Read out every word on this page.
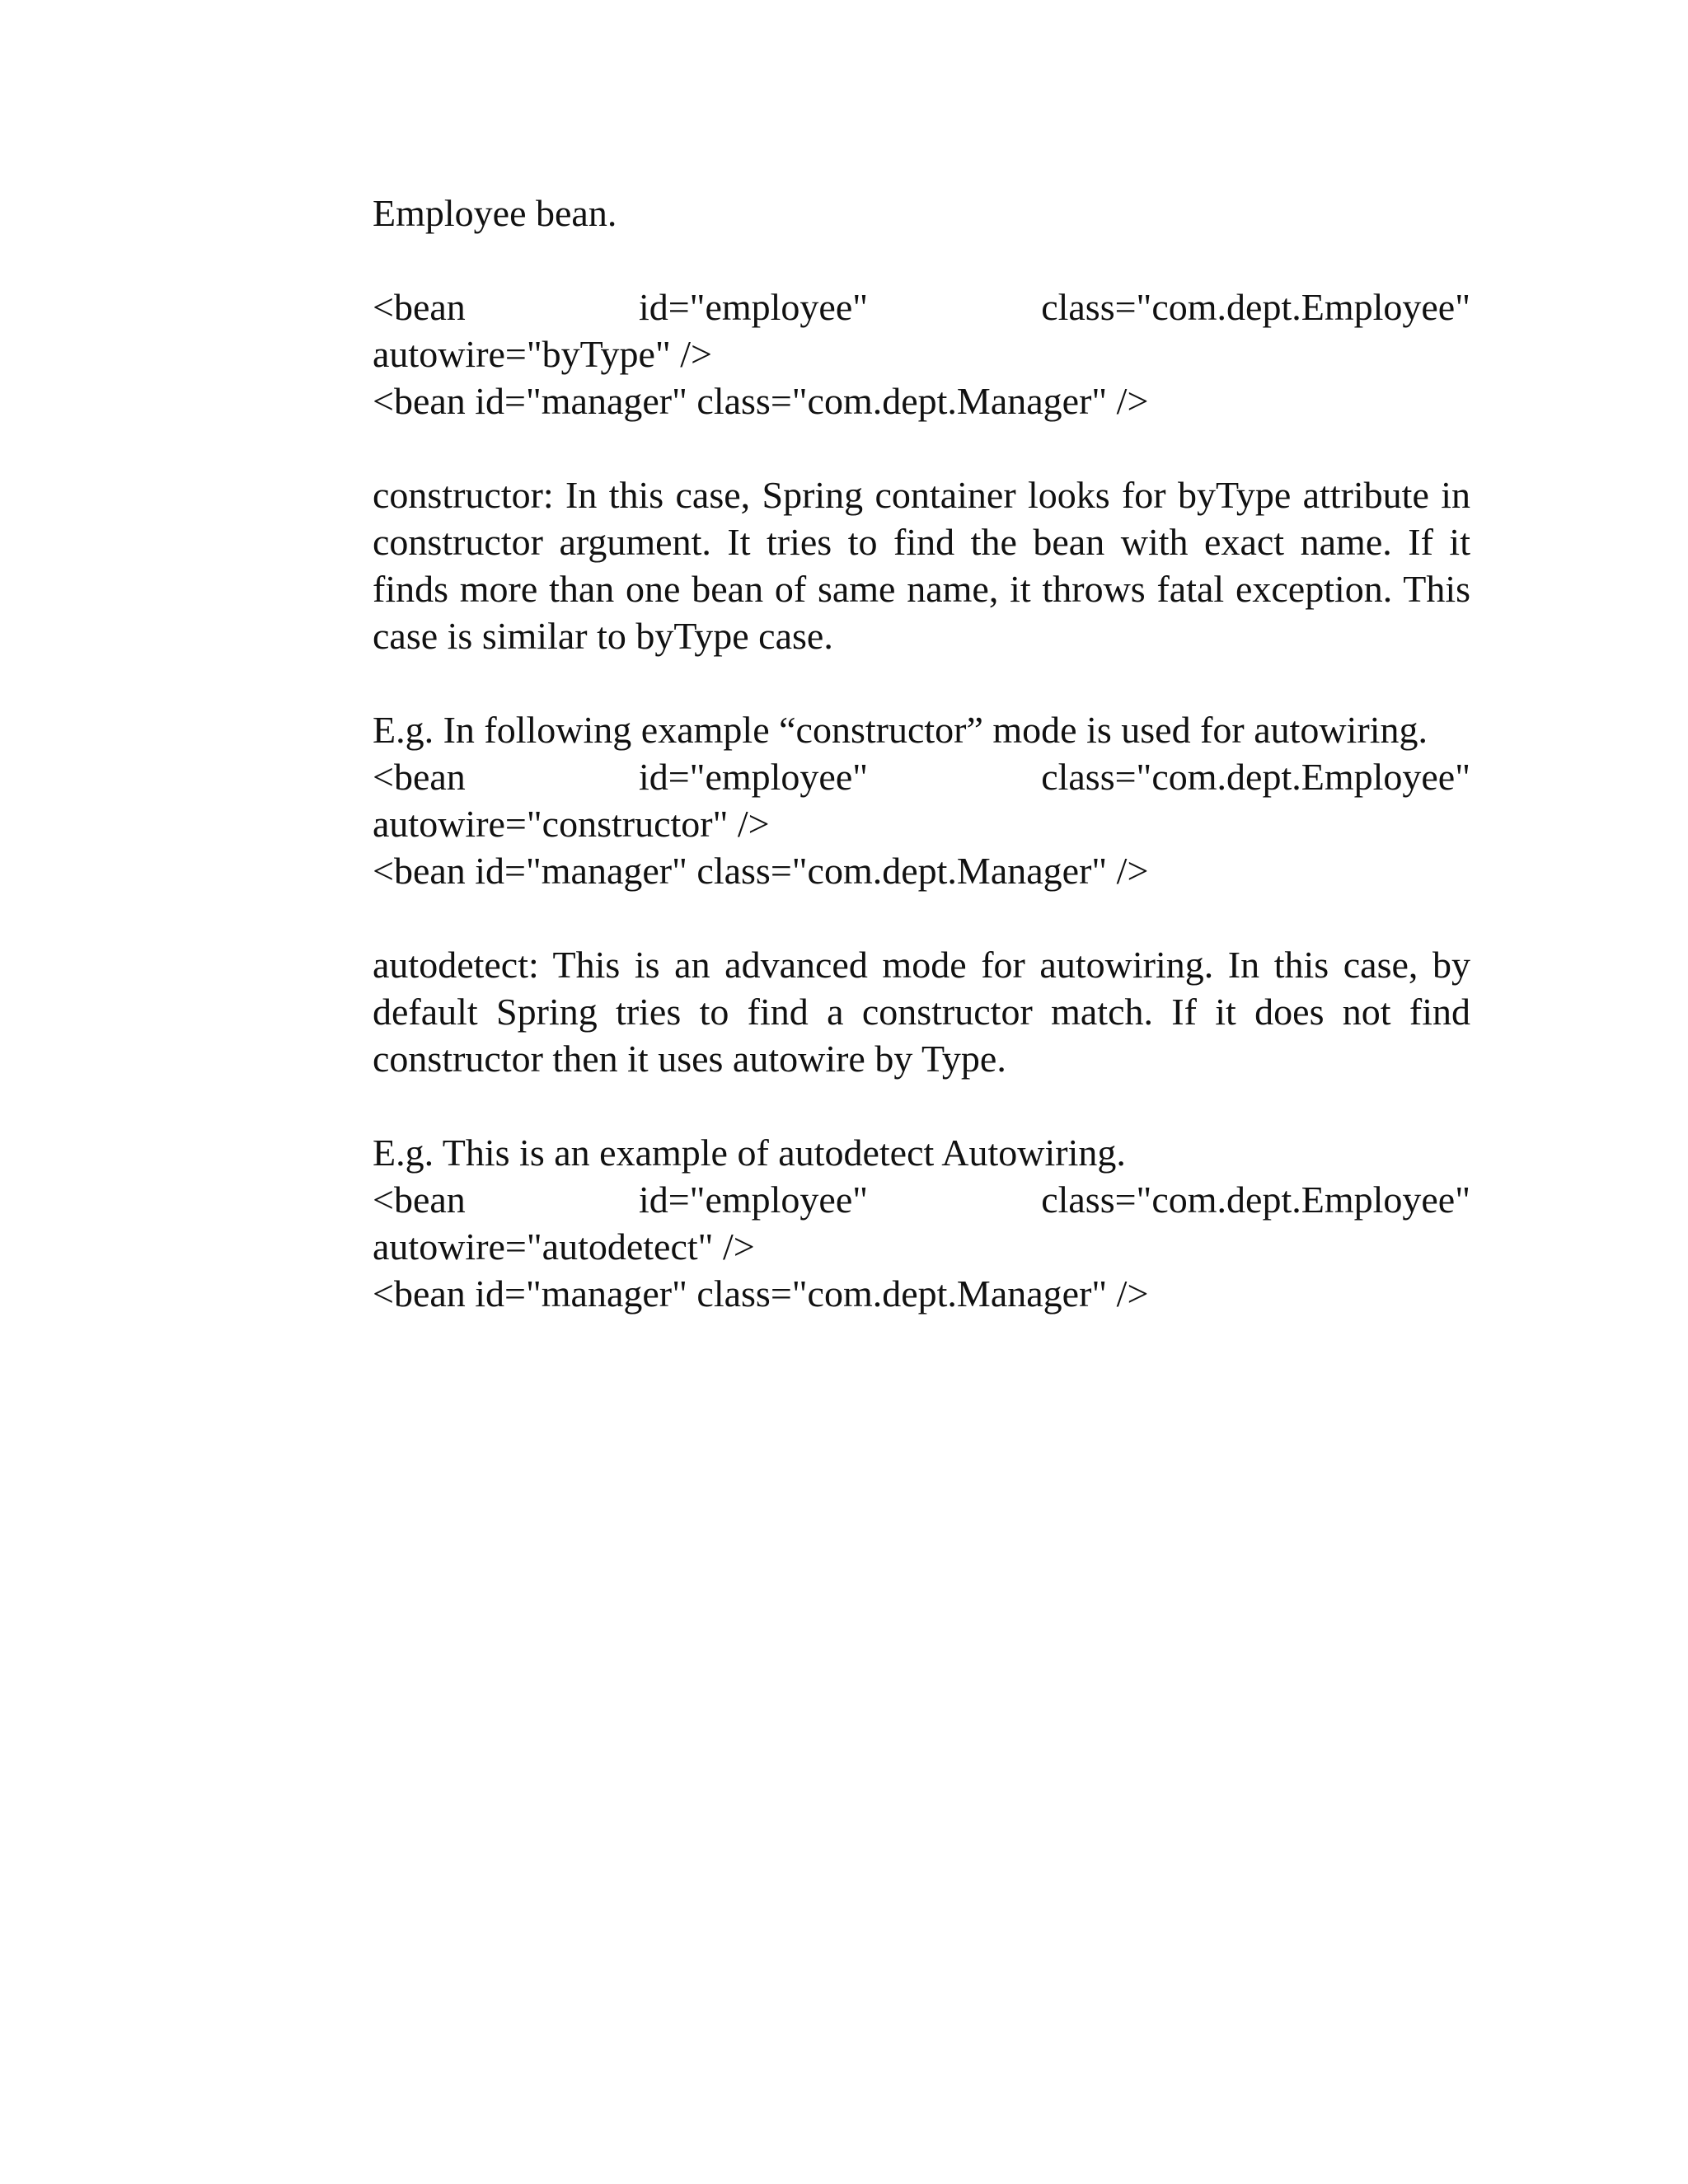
Employee bean.

<bean	id="employee"	class="com.dept.Employee"
autowire="byType" />
<bean id="manager" class="com.dept.Manager" />

constructor: In this case, Spring container looks for byType attribute in constructor argument. It tries to find the bean with exact name. If it finds more than one bean of same name, it throws fatal exception. This case is similar to byType case.

E.g. In following example “constructor” mode is used for autowiring.

<bean	id="employee"	class="com.dept.Employee"
autowire="constructor" />
<bean id="manager" class="com.dept.Manager" />

autodetect: This is an advanced mode for autowiring. In this case, by default Spring tries to find a constructor match. If it does not find constructor then it uses autowire by Type.

E.g. This is an example of autodetect Autowiring.

<bean	id="employee"	class="com.dept.Employee"
autowire="autodetect" />
<bean id="manager" class="com.dept.Manager" />
